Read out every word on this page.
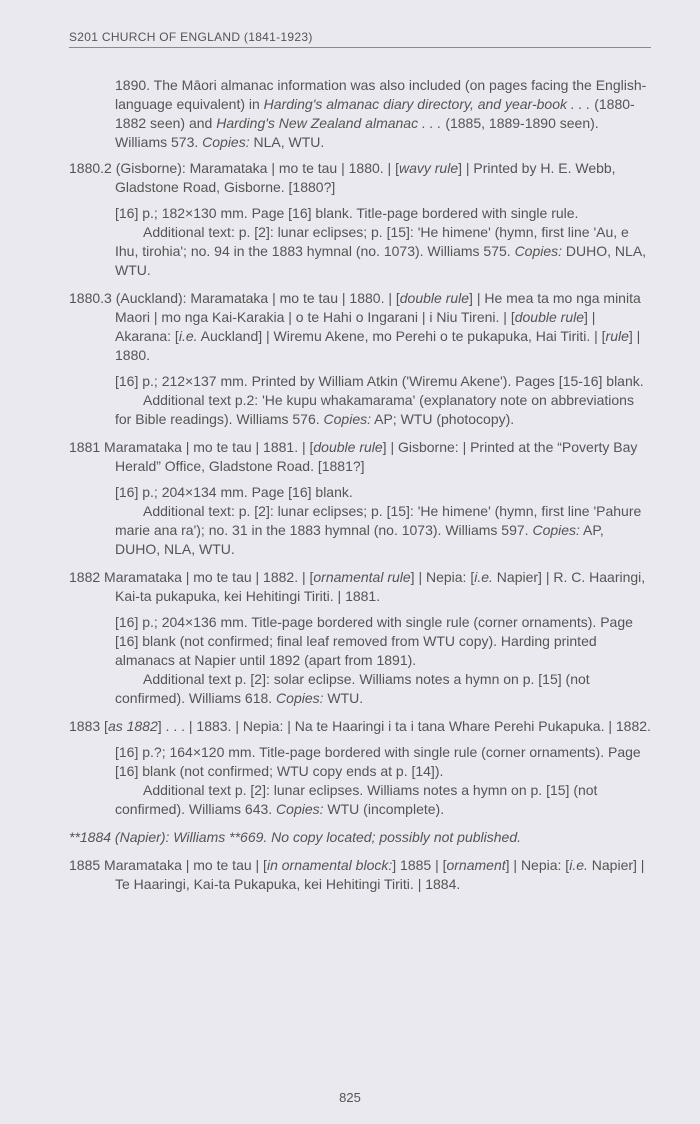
S201 CHURCH OF ENGLAND (1841-1923)

1890. The Māori almanac information was also included (on pages facing the English-language equivalent) in Harding's almanac diary directory, and year-book . . . (1880-1882 seen) and Harding's New Zealand almanac . . . (1885, 1889-1890 seen). Williams 573. Copies: NLA, WTU.

1880.2 (Gisborne): Maramataka | mo te tau | 1880. | [wavy rule] | Printed by H. E. Webb, Gladstone Road, Gisborne. [1880?]

[16] p.; 182×130 mm. Page [16] blank. Title-page bordered with single rule.

Additional text: p. [2]: lunar eclipses; p. [15]: 'He himene' (hymn, first line 'Au, e Ihu, tirohia'; no. 94 in the 1883 hymnal (no. 1073). Williams 575. Copies: DUHO, NLA, WTU.

1880.3 (Auckland): Maramataka | mo te tau | 1880. | [double rule] | He mea ta mo nga minita Maori | mo nga Kai-Karakia | o te Hahi o Ingarani | i Niu Tireni. | [double rule] | Akarana: [i.e. Auckland] | Wiremu Akene, mo Perehi o te pukapuka, Hai Tiriti. | [rule] | 1880.

[16] p.; 212×137 mm. Printed by William Atkin ('Wiremu Akene'). Pages [15-16] blank.

Additional text p.2: 'He kupu whakamarama' (explanatory note on abbreviations for Bible readings). Williams 576. Copies: AP; WTU (photocopy).

1881 Maramataka | mo te tau | 1881. | [double rule] | Gisborne: | Printed at the “Poverty Bay Herald” Office, Gladstone Road. [1881?]

[16] p.; 204×134 mm. Page [16] blank.

Additional text: p. [2]: lunar eclipses; p. [15]: 'He himene' (hymn, first line 'Pahure marie ana ra'); no. 31 in the 1883 hymnal (no. 1073). Williams 597. Copies: AP, DUHO, NLA, WTU.

1882 Maramataka | mo te tau | 1882. | [ornamental rule] | Nepia: [i.e. Napier] | R. C. Haaringi, Kai-ta pukapuka, kei Hehitingi Tiriti. | 1881.

[16] p.; 204×136 mm. Title-page bordered with single rule (corner ornaments). Page [16] blank (not confirmed; final leaf removed from WTU copy). Harding printed almanacs at Napier until 1892 (apart from 1891).

Additional text p. [2]: solar eclipse. Williams notes a hymn on p. [15] (not confirmed). Williams 618. Copies: WTU.

1883 [as 1882] . . . | 1883. | Nepia: | Na te Haaringi i ta i tana Whare Perehi Pukapuka. | 1882.

[16] p.?; 164×120 mm. Title-page bordered with single rule (corner ornaments). Page [16] blank (not confirmed; WTU copy ends at p. [14]).

Additional text p. [2]: lunar eclipses. Williams notes a hymn on p. [15] (not confirmed). Williams 643. Copies: WTU (incomplete).

**1884 (Napier): Williams **669. No copy located; possibly not published.

1885 Maramataka | mo te tau | [in ornamental block:] 1885 | [ornament] | Nepia: [i.e. Napier] | Te Haaringi, Kai-ta Pukapuka, kei Hehitingi Tiriti. | 1884.

825
